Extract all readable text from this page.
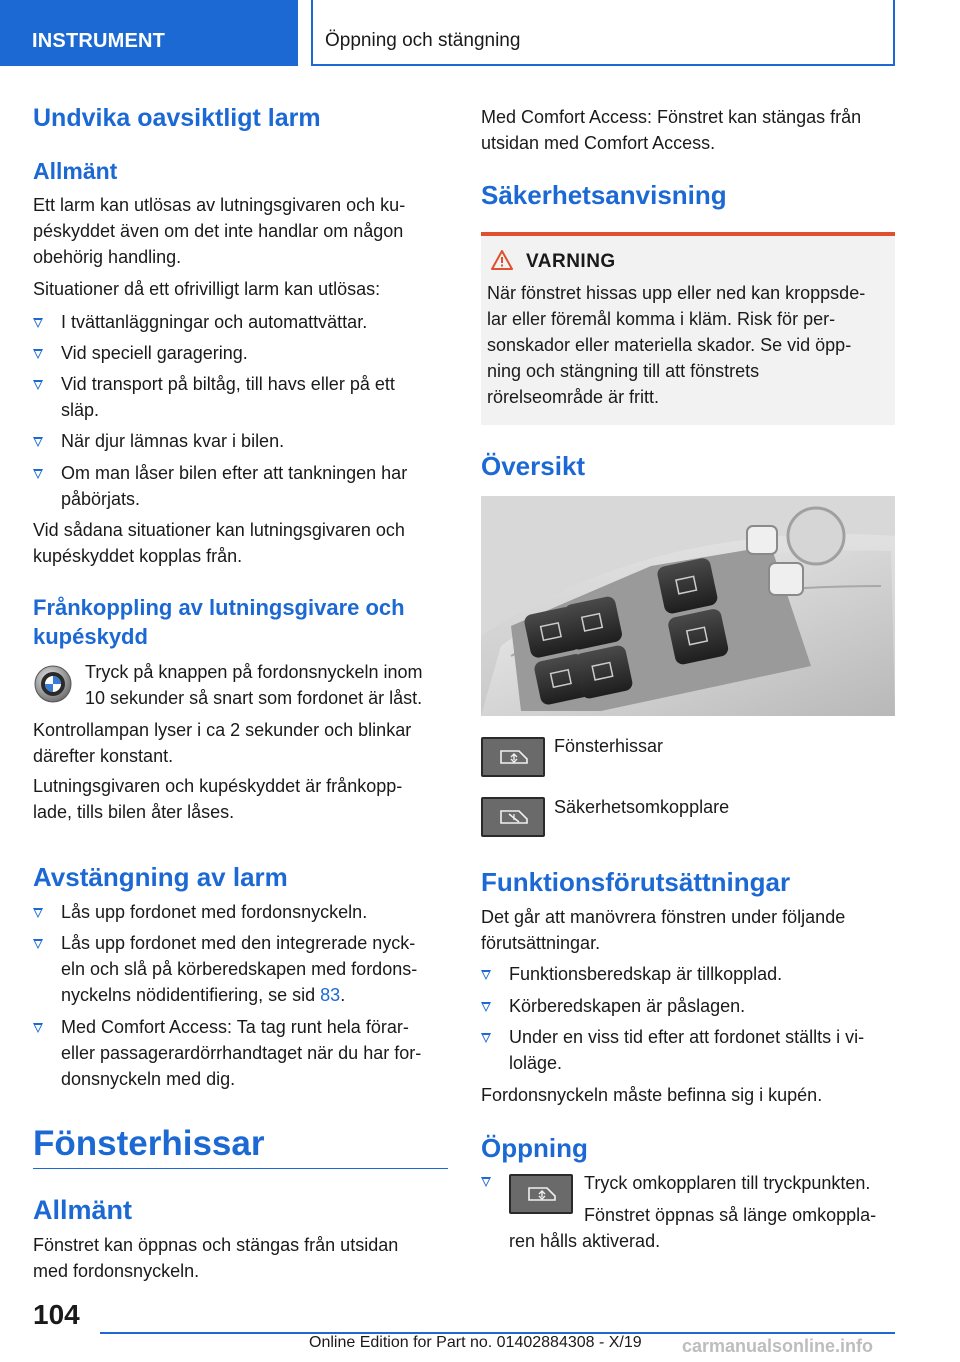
INSTRUMENT	Öppning och stängning
Undvika oavsiktligt larm
Allmänt
Ett larm kan utlösas av lutningsgivaren och ku-
péskyddet även om det inte handlar om någon
obehörig handling.
Situationer då ett ofrivilligt larm kan utlösas:
I tvättanläggningar och automattvättar.
Vid speciell garagering.
Vid transport på biltåg, till havs eller på ett
släp.
När djur lämnas kvar i bilen.
Om man låser bilen efter att tankningen har
påbörjats.
Vid sådana situationer kan lutningsgivaren och
kupéskyddet kopplas från.
Frånkoppling av lutningsgivare och
kupéskydd
Tryck på knappen på fordonsnyckeln inom
10 sekunder så snart som fordonet är låst.
Kontrollampan lyser i ca 2 sekunder och blinkar
därefter konstant.
Lutningsgivaren och kupéskyddet är frånkopp-
lade, tills bilen åter låses.
Avstängning av larm
Lås upp fordonet med fordonsnyckeln.
Lås upp fordonet med den integrerade nyck-
eln och slå på körberedskapen med fordons-
nyckelns nödidentifiering, se sid 83.
Med Comfort Access: Ta tag runt hela förar-
eller passagerardörrhandtaget när du har for-
donsnyckeln med dig.
Fönsterhissar
Allmänt
Fönstret kan öppnas och stängas från utsidan
med fordonsnyckeln.
Med Comfort Access: Fönstret kan stängas från
utsidan med Comfort Access.
Säkerhetsanvisning
VARNING
När fönstret hissas upp eller ned kan kroppsde-
lar eller föremål komma i kläm. Risk för per-
sonskador eller materiella skador. Se vid öpp-
ning och stängning till att fönstrets
rörelseområde är fritt.
Översikt
Fönsterhissar
Säkerhetsomkopplare
Funktionsförutsättningar
Det går att manövrera fönstren under följande
förutsättningar.
Funktionsberedskap är tillkopplad.
Körberedskapen är påslagen.
Under en viss tid efter att fordonet ställts i vi-
loläge.
Fordonsnyckeln måste befinna sig i kupén.
Öppning
Tryck omkopplaren till tryckpunkten.
Fönstret öppnas så länge omkoppla-
ren hålls aktiverad.
104
Online Edition for Part no. 01402884308 - X/19 carmanualsonline.info
